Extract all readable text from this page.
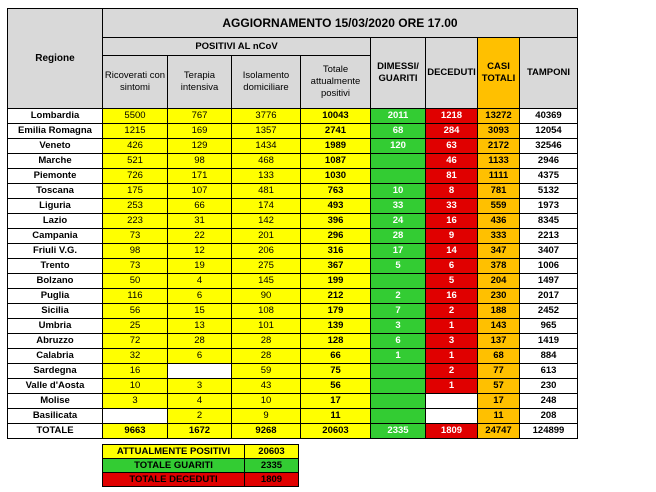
Regione	AGGIORNAMENTO 15/03/2020 ORE 17.00							
	POSITIVI AL nCoV				DIMESSI/ GUARITI	DECEDUTI	CASI TOTALI	TAMPONI
	Ricoverati con sintomi	Terapia intensiva	Isolamento domiciliare	Totale attualmente positivi				
Lombardia	5500	767	3776	10043	2011	1218	13272	40369
Emilia Romagna	1215	169	1357	2741	68	284	3093	12054
Veneto	426	129	1434	1989	120	63	2172	32546
Marche	521	98	468	1087		46	1133	2946
Piemonte	726	171	133	1030		81	1111	4375
Toscana	175	107	481	763	10	8	781	5132
Liguria	253	66	174	493	33	33	559	1973
Lazio	223	31	142	396	24	16	436	8345
Campania	73	22	201	296	28	9	333	2213
Friuli V.G.	98	12	206	316	17	14	347	3407
Trento	73	19	275	367	5	6	378	1006
Bolzano	50	4	145	199		5	204	1497
Puglia	116	6	90	212	2	16	230	2017
Sicilia	56	15	108	179	7	2	188	2452
Umbria	25	13	101	139	3	1	143	965
Abruzzo	72	28	28	128	6	3	137	1419
Calabria	32	6	28	66	1	1	68	884
Sardegna	16		59	75		2	77	613
Valle d'Aosta	10	3	43	56		1	57	230
Molise	3	4	10	17			17	248
Basilicata		2	9	11			11	208
TOTALE	9663	1672	9268	20603	2335	1809	24747	124899
ATTUALMENTE POSITIVI	20603
TOTALE GUARITI	2335
TOTALE DECEDUTI	1809
